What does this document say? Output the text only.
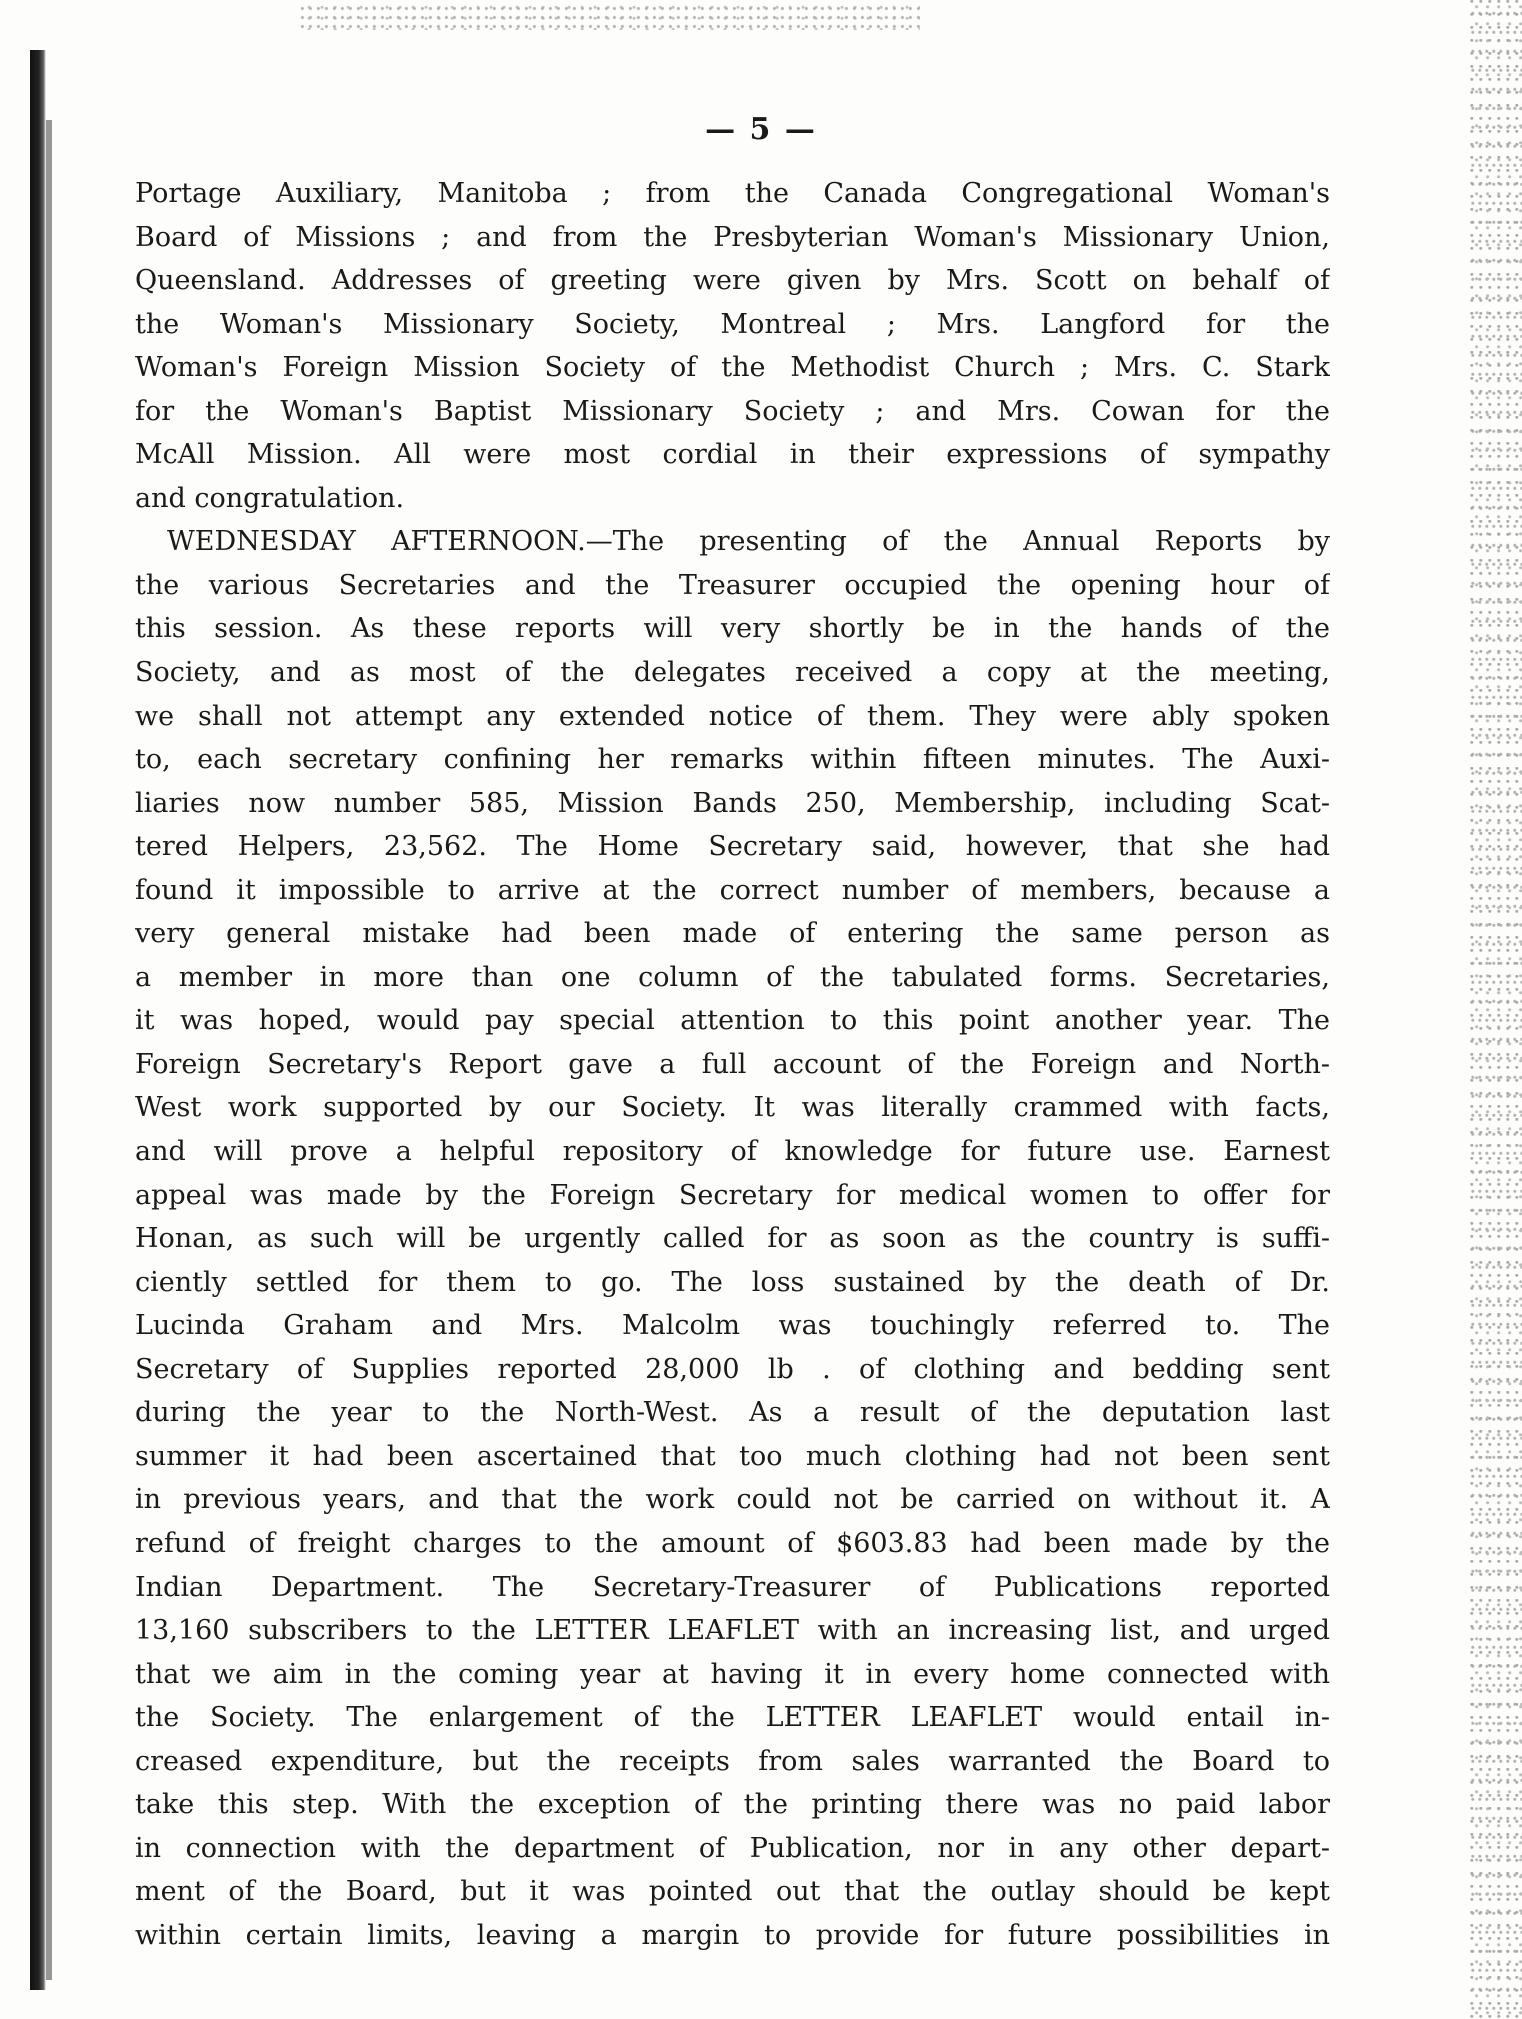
— 5 —
Portage Auxiliary, Manitoba ; from the Canada Congregational Woman's
Board of Missions ; and from the Presbyterian Woman's Missionary Union,
Queensland. Addresses of greeting were given by Mrs. Scott on behalf of
the Woman's Missionary Society, Montreal ; Mrs. Langford for the
Woman's Foreign Mission Society of the Methodist Church ; Mrs. C. Stark
for the Woman's Baptist Missionary Society ; and Mrs. Cowan for the
McAll Mission. All were most cordial in their expressions of sympathy
and congratulation.
WEDNESDAY AFTERNOON.—The presenting of the Annual Reports by
the various Secretaries and the Treasurer occupied the opening hour of
this session. As these reports will very shortly be in the hands of the
Society, and as most of the delegates received a copy at the meeting,
we shall not attempt any extended notice of them. They were ably spoken
to, each secretary confining her remarks within fifteen minutes. The Auxi-
liaries now number 585, Mission Bands 250, Membership, including Scat-
tered Helpers, 23,562. The Home Secretary said, however, that she had
found it impossible to arrive at the correct number of members, because a
very general mistake had been made of entering the same person as
a member in more than one column of the tabulated forms. Secretaries,
it was hoped, would pay special attention to this point another year. The
Foreign Secretary's Report gave a full account of the Foreign and North-
West work supported by our Society. It was literally crammed with facts,
and will prove a helpful repository of knowledge for future use. Earnest
appeal was made by the Foreign Secretary for medical women to offer for
Honan, as such will be urgently called for as soon as the country is suffi-
ciently settled for them to go. The loss sustained by the death of Dr.
Lucinda Graham and Mrs. Malcolm was touchingly referred to. The
Secretary of Supplies reported 28,000 lb . of clothing and bedding sent
during the year to the North-West. As a result of the deputation last
summer it had been ascertained that too much clothing had not been sent
in previous years, and that the work could not be carried on without it. A
refund of freight charges to the amount of $603.83 had been made by the
Indian Department. The Secretary-Treasurer of Publications reported
13,160 subscribers to the LETTER LEAFLET with an increasing list, and urged
that we aim in the coming year at having it in every home connected with
the Society. The enlargement of the LETTER LEAFLET would entail in-
creased expenditure, but the receipts from sales warranted the Board to
take this step. With the exception of the printing there was no paid labor
in connection with the department of Publication, nor in any other depart-
ment of the Board, but it was pointed out that the outlay should be kept
within certain limits, leaving a margin to provide for future possibilities in
